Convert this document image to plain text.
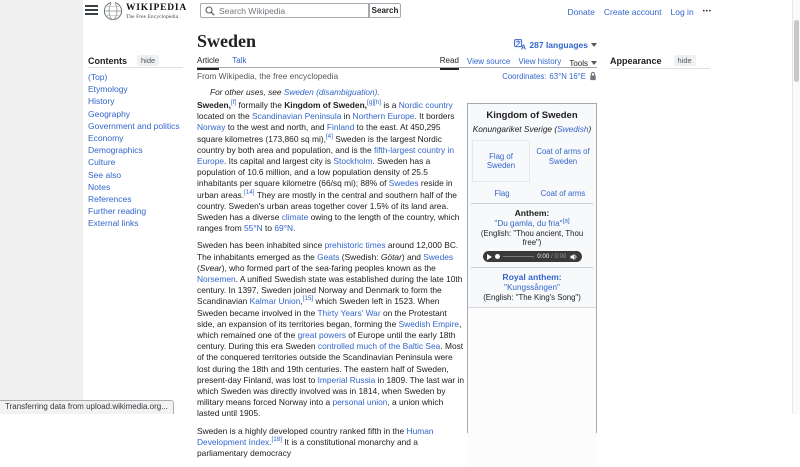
WIKIPEDIA
The Free Encyclopedia
Search Wikipedia
Search	Donate Create account Log in •••
Contents	hide
(Top)
Etymology
History
Geography
Government and politics
Economy
Demographics
Culture
See also
Notes
References
Further reading
External links
Sweden	A 287 languages
Article Talk	Read View source View history Tools
From Wikipedia, the free encyclopedia	Coordinates: 63°N 16°E
Appearance	hide
For other uses, see Sweden (disambiguation).

Sweden,[f] formally the Kingdom of Sweden,[g][h] is a Nordic country located on the Scandinavian Peninsula in Northern Europe. It borders Norway to the west and north, and Finland to the east. At 450,295 square kilometres (173,860 sq mi),[4] Sweden is the largest Nordic country by both area and population, and is the fifth-largest country in Europe. Its capital and largest city is Stockholm. Sweden has a population of 10.6 million, and a low population density of 25.5 inhabitants per square kilometre (66/sq mi); 88% of Swedes reside in urban areas.[14] They are mostly in the central and southern half of the country. Sweden's urban areas together cover 1.5% of its land area. Sweden has a diverse climate owing to the length of the country, which ranges from 55°N to 69°N.

Sweden has been inhabited since prehistoric times around 12,000 BC. The inhabitants emerged as the Geats (Swedish: Götar) and Swedes (Svear), who formed part of the sea-faring peoples known as the Norsemen. A unified Swedish state was established during the late 10th century. In 1397, Sweden joined Norway and Denmark to form the Scandinavian Kalmar Union,[15] which Sweden left in 1523. When Sweden became involved in the Thirty Years' War on the Protestant side, an expansion of its territories began, forming the Swedish Empire, which remained one of the great powers of Europe until the early 18th century. During this era Sweden controlled much of the Baltic Sea. Most of the conquered territories outside the Scandinavian Peninsula were lost during the 18th and 19th centuries. The eastern half of Sweden, present-day Finland, was lost to Imperial Russia in 1809. The last war in which Sweden was directly involved was in 1814, when Sweden by military means forced Norway into a personal union, a union which lasted until 1905.

Sweden is a highly developed country ranked fifth in the Human Development Index.[18] It is a constitutional monarchy and a parliamentary democracy

Kingdom of Sweden
Konungariket Sverige (Swedish)
Flag of Sweden
Flag
Coat of arms of Sweden
Coat of arms
Anthem:
"Du gamla, du fria"[a]
(English: "Thou ancient, Thou free")
0:00 / 0:00
Royal anthem:
"Kungssången"
(English: "The King's Song")
Transferring data from upload.wikimedia.org...
